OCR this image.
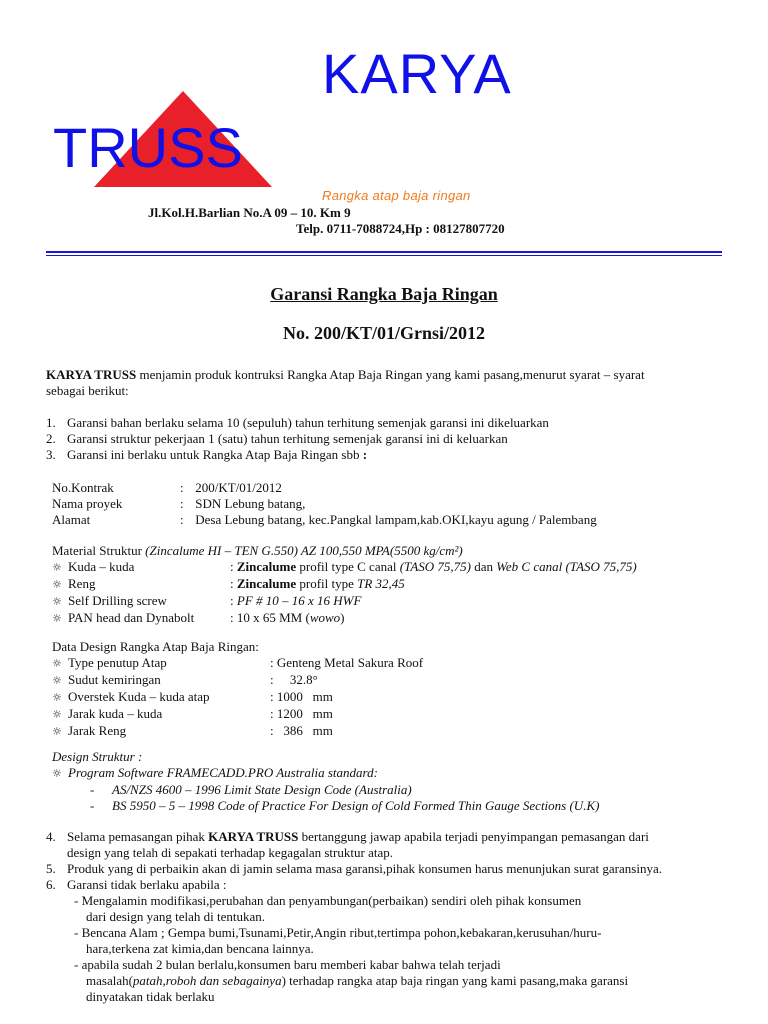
KARYA
TRUSS
Rangka atap baja ringan
Jl.Kol.H.Barlian No.A 09 – 10. Km 9
Telp. 0711-7088724,Hp : 08127807720
Garansi Rangka Baja Ringan
No. 200/KT/01/Grnsi/2012
KARYA TRUSS menjamin produk kontruksi Rangka Atap Baja Ringan yang kami pasang,menurut syarat – syarat
sebagai berikut:
1. Garansi bahan berlaku selama 10 (sepuluh) tahun terhitung semenjak garansi ini dikeluarkan
2. Garansi struktur pekerjaan 1 (satu) tahun terhitung semenjak garansi ini di keluarkan
3. Garansi ini berlaku untuk Rangka Atap Baja Ringan sbb :
No.Kontrak	: 200/KT/01/2012
Nama proyek	: SDN Lebung batang,
Alamat	: Desa Lebung batang, kec.Pangkal lampam,kab.OKI,kayu agung / Palembang
Material Struktur (Zincalume HI – TEN G.550) AZ 100,550 MPA(5500 kg/cm²)
☼ Kuda – kuda	: Zincalume profil type C canal (TASO 75,75) dan Web C canal (TASO 75,75)
☼ Reng	: Zincalume profil type TR 32,45
☼ Self Drilling screw	: PF # 10 – 16 x 16 HWF
☼ PAN head dan Dynabolt	: 10 x 65 MM (wowo)
Data Design Rangka Atap Baja Ringan:
☼ Type penutup Atap	: Genteng Metal Sakura Roof
☼ Sudut kemiringan	:     32.8°
☼ Overstek Kuda – kuda atap	: 1000   mm
☼ Jarak kuda – kuda	: 1200   mm
☼ Jarak Reng	:   386   mm
Design Struktur :
☼ Program Software FRAMECADD.PRO Australia standard:
- AS/NZS 4600 – 1996 Limit State Design Code (Australia)
- BS 5950 – 5 – 1998 Code of Practice For Design of Cold Formed Thin Gauge Sections (U.K)
4. Selama pemasangan pihak KARYA TRUSS bertanggung jawap apabila terjadi penyimpangan pemasangan dari
design yang telah di sepakati terhadap kegagalan struktur atap.
5. Produk yang di perbaikin akan di jamin selama masa garansi,pihak konsumen harus menunjukan surat garansinya.
6. Garansi tidak berlaku apabila :
- Mengalamin modifikasi,perubahan dan penyambungan(perbaikan) sendiri oleh pihak konsumen
dari design yang telah di tentukan.
- Bencana Alam ; Gempa bumi,Tsunami,Petir,Angin ribut,tertimpa pohon,kebakaran,kerusuhan/huru-
hara,terkena zat kimia,dan bencana lainnya.
- apabila sudah 2 bulan berlalu,konsumen baru memberi kabar bahwa telah terjadi
masalah(patah,roboh dan sebagainya) terhadap rangka atap baja ringan yang kami pasang,maka garansi
dinyatakan tidak berlaku
